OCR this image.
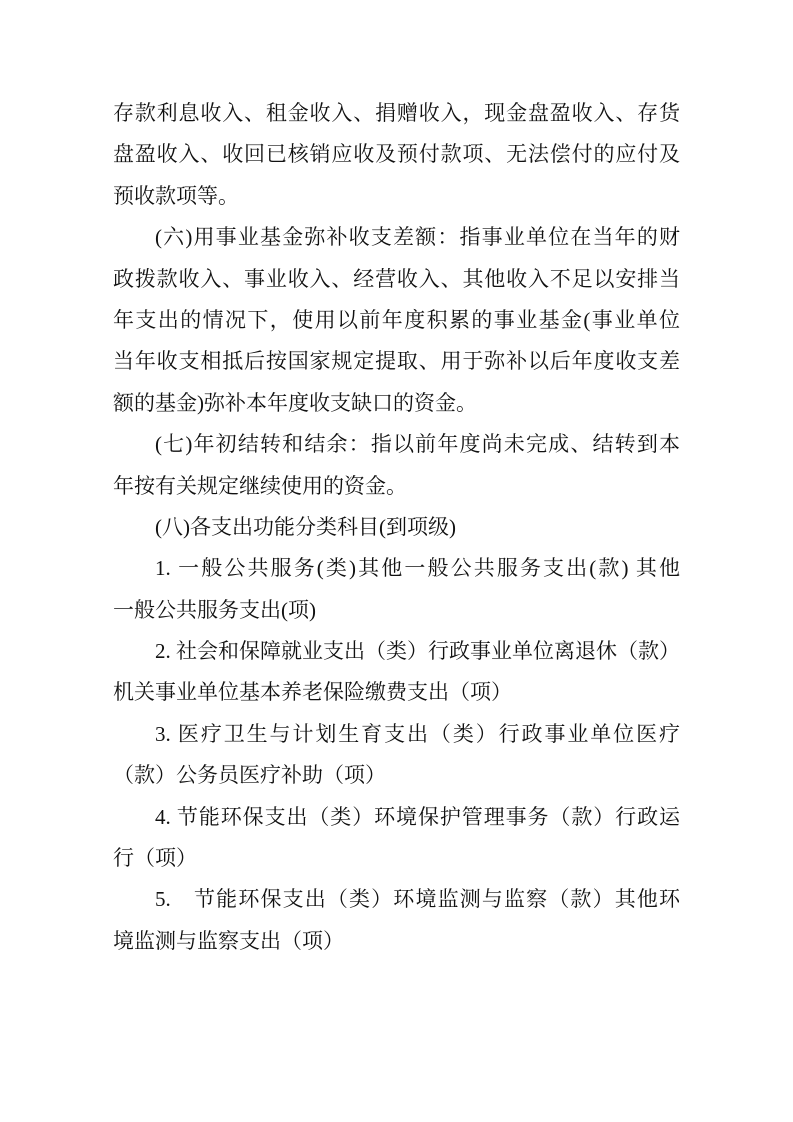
存款利息收入、租金收入、捐赠收入，现金盘盈收入、存货
盘盈收入、收回已核销应收及预付款项、无法偿付的应付及
预收款项等。
(六)用事业基金弥补收支差额：指事业单位在当年的财
政拨款收入、事业收入、经营收入、其他收入不足以安排当
年支出的情况下，使用以前年度积累的事业基金(事业单位
当年收支相抵后按国家规定提取、用于弥补以后年度收支差
额的基金)弥补本年度收支缺口的资金。
(七)年初结转和结余：指以前年度尚未完成、结转到本
年按有关规定继续使用的资金。
(八)各支出功能分类科目(到项级)
1. 一般公共服务(类)其他一般公共服务支出(款) 其他
一般公共服务支出(项)
2. 社会和保障就业支出（类）行政事业单位离退休（款）
机关事业单位基本养老保险缴费支出（项）
3. 医疗卫生与计划生育支出（类）行政事业单位医疗
（款）公务员医疗补助（项）
4. 节能环保支出（类）环境保护管理事务（款）行政运
行（项）
5.　节能环保支出（类）环境监测与监察（款）其他环
境监测与监察支出（项）
